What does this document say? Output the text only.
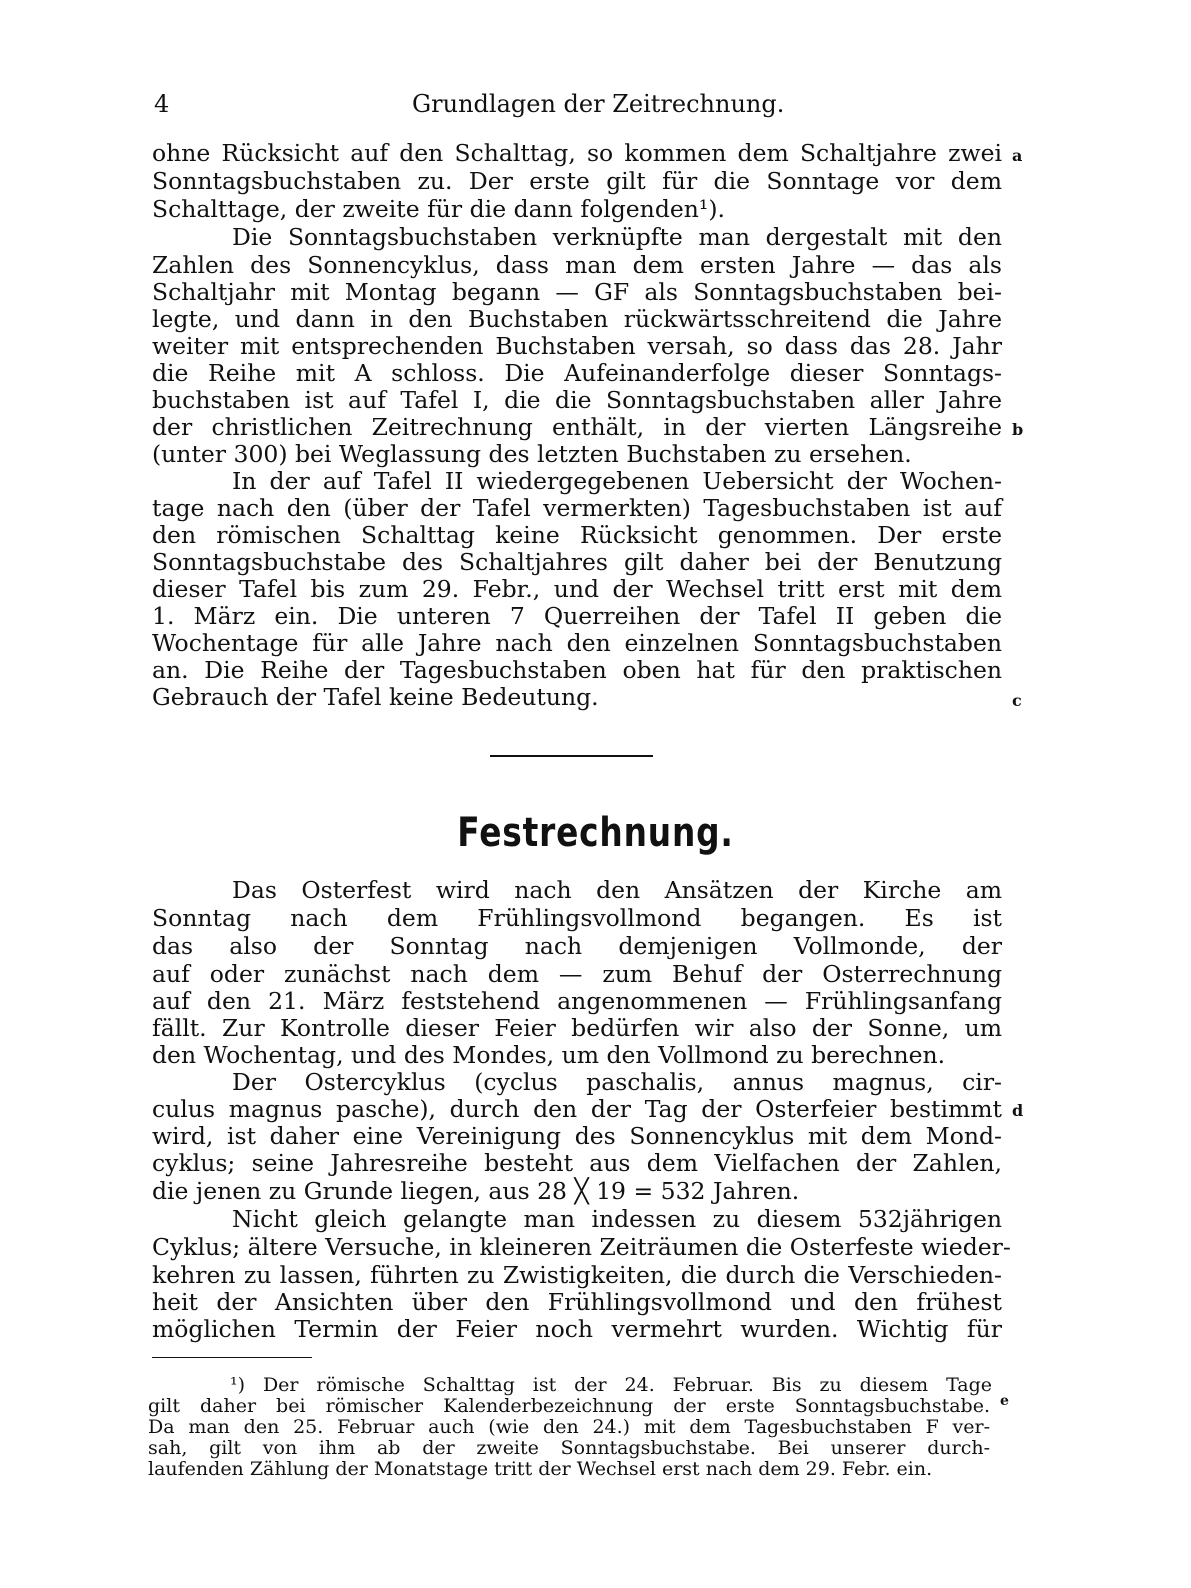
4	Grundlagen der Zeitrechnung.
ohne Rücksicht auf den Schalttag, so kommen dem Schaltjahre zwei
Sonntagsbuchstaben zu. Der erste gilt für die Sonntage vor dem
Schalttage, der zweite für die dann folgenden¹).
Die Sonntagsbuchstaben verknüpfte man dergestalt mit den
Zahlen des Sonnencyklus, dass man dem ersten Jahre — das als
Schaltjahr mit Montag begann — GF als Sonntagsbuchstaben bei-
legte, und dann in den Buchstaben rückwärtsschreitend die Jahre
weiter mit entsprechenden Buchstaben versah, so dass das 28. Jahr
die Reihe mit A schloss. Die Aufeinanderfolge dieser Sonntags-
buchstaben ist auf Tafel I, die die Sonntagsbuchstaben aller Jahre
der christlichen Zeitrechnung enthält, in der vierten Längsreihe
(unter 300) bei Weglassung des letzten Buchstaben zu ersehen.
In der auf Tafel II wiedergegebenen Uebersicht der Wochen-
tage nach den (über der Tafel vermerkten) Tagesbuchstaben ist auf
den römischen Schalttag keine Rücksicht genommen. Der erste
Sonntagsbuchstabe des Schaltjahres gilt daher bei der Benutzung
dieser Tafel bis zum 29. Febr., und der Wechsel tritt erst mit dem
1. März ein. Die unteren 7 Querreihen der Tafel II geben die
Wochentage für alle Jahre nach den einzelnen Sonntagsbuchstaben
an. Die Reihe der Tagesbuchstaben oben hat für den praktischen
Gebrauch der Tafel keine Bedeutung.
a
b
c
d
Festrechnung.
Das Osterfest wird nach den Ansätzen der Kirche am
Sonntag nach dem Frühlingsvollmond begangen. Es ist
das also der Sonntag nach demjenigen Vollmonde, der
auf oder zunächst nach dem — zum Behuf der Osterrechnung
auf den 21. März feststehend angenommenen — Frühlingsanfang
fällt. Zur Kontrolle dieser Feier bedürfen wir also der Sonne, um
den Wochentag, und des Mondes, um den Vollmond zu berechnen.
Der Ostercyklus (cyclus paschalis, annus magnus, cir-
culus magnus pasche), durch den der Tag der Osterfeier bestimmt
wird, ist daher eine Vereinigung des Sonnencyklus mit dem Mond-
cyklus; seine Jahresreihe besteht aus dem Vielfachen der Zahlen,
die jenen zu Grunde liegen, aus 28 ╳ 19 = 532 Jahren.
Nicht gleich gelangte man indessen zu diesem 532jährigen
Cyklus; ältere Versuche, in kleineren Zeiträumen die Osterfeste wieder-
kehren zu lassen, führten zu Zwistigkeiten, die durch die Verschieden-
heit der Ansichten über den Frühlingsvollmond und den frühest
möglichen Termin der Feier noch vermehrt wurden. Wichtig für
¹) Der römische Schalttag ist der 24. Februar. Bis zu diesem Tage
gilt daher bei römischer Kalenderbezeichnung der erste Sonntagsbuchstabe.
Da man den 25. Februar auch (wie den 24.) mit dem Tagesbuchstaben F ver-
sah, gilt von ihm ab der zweite Sonntagsbuchstabe. Bei unserer durch-
laufenden Zählung der Monatstage tritt der Wechsel erst nach dem 29. Febr. ein.
e
